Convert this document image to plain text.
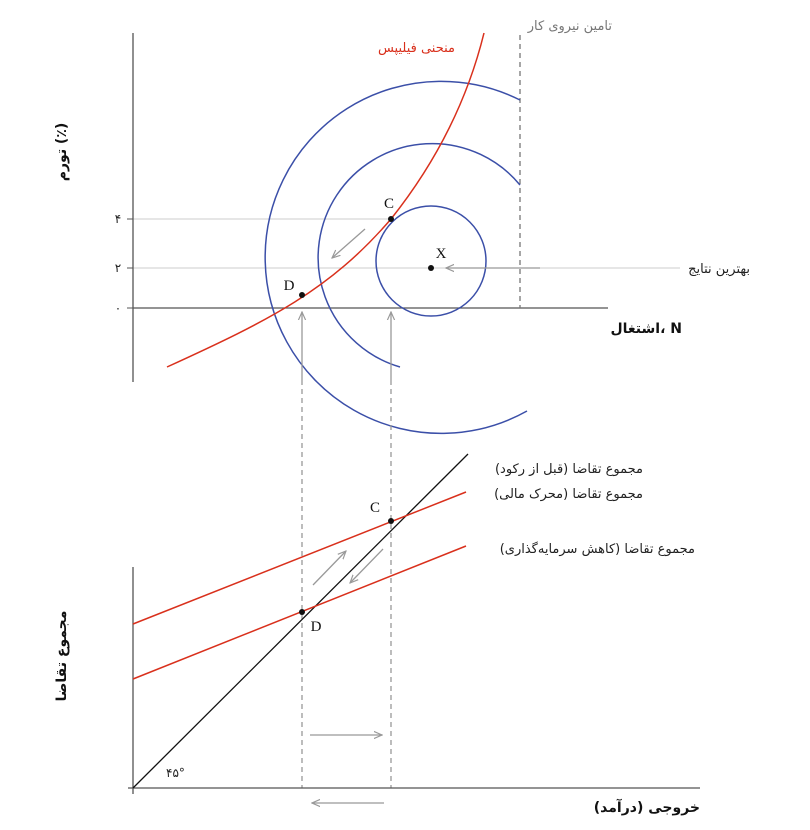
۴
۲
۰
تورم (٪)
اشتغال، N
تامین نیروی کار
منحنی فیلیپس
بهترین نتایج
C
D
X
مجموع تقاضا
خروجی (درآمد)
۴۵°
مجموع تقاضا (قبل از رکود)
مجموع تقاضا (محرک مالی)
مجموع تقاضا (کاهش سرمایه‌گذاری)
C
D
